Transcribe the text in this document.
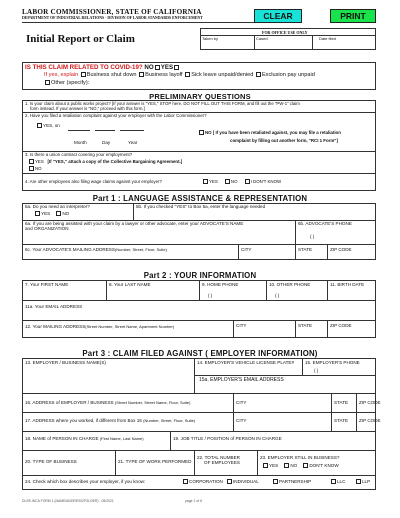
LABOR COMMISSIONER, STATE OF CALIFORNIA
DEPARTMENT OF INDUSTRIAL RELATIONS - DIVISION OF LABOR STANDARDS ENFORCEMENT	CLEAR	PRINT
Initial Report or Claim
FOR OFFICE USE ONLY
Taken by	Cased	Date filed
IS THIS CLAIM RELATED TO COVID-19? NO YES
If yes, explain Business shut down Business layoff Sick leave unpaid/denied Exclusion pay unpaid
Other (specify):
PRELIMINARY QUESTIONS
1. Is your claim about a public works project? [If your answer is "YES," STOP here, DO NOT FILL OUT THIS FORM, and fill out the "PW-1" claim
form instead. If your answer is "NO," proceed with this form.]
2. Have you filed a retaliation complaint against your employer with the Labor Commissioner?
YES, on
Month	Day	Year
NO [ If you have been retaliated against, you may file a retaliation
complaint by filling out another form, "RCI 1 Form"]
3. Is there a union contract covering your employment?
YES [If "YES," attach a copy of the Collective Bargaining Agreement.]
NO
4. Are other employees also filing wage claims against your employer?	YES	NO	I DON'T KNOW
Part 1 : LANGUAGE ASSISTANCE & REPRESENTATION
5a. Do you need an interpreter?
YES	NO
5b. If you checked "YES" to Box 5a, enter the language needed
6a. If you are being assisted with your claim by a lawyer or other advocate, enter your ADVOCATE'S NAME
and ORGANIZATION
6b. ADVOCATE'S PHONE
( )
6c. Your ADVOCATE'S MAILING ADDRESS(Number, Street, Floor, Suite)	CITY	STATE	ZIP CODE
Part 2 : YOUR INFORMATION
7. Your FIRST NAME	8. Your LAST NAME	9. HOME PHONE	10. OTHER PHONE	11. BIRTH DATE
( )	( )
11a. Your EMAIL ADDRESS
12. Your MAILING ADDRESS(Street Number, Street Name, Apartment Number)	CITY	STATE	ZIP CODE
Part 3 : CLAIM FILED AGAINST ( EMPLOYER INFORMATION)
13. EMPLOYER / BUSINESS NAME(S)	14. EMPLOYER'S VEHICLE LICENSE PLATE# 15. EMPLOYER'S PHONE
( )
15a. EMPLOYER'S EMAIL ADDRESS
16. ADDRESS of EMPLOYER / BUSINESS (Street Number, Street Name, Floor, Suite)	CITY	STATE ZIP CODE
17. ADDRESS where you worked, if different from Box 16 (Number, Street, Floor, Suite)	CITY	STATE ZIP CODE
18. NAME of PERSON IN CHARGE (First Name, Last Name)	19. JOB TITLE / POSITION of PERSON IN CHARGE
20. TYPE OF BUSINESS	21. TYPE OF WORK PERFORMED
22. TOTAL NUMBER
OF EMPLOYEES
23. EMPLOYER STILL IN BUSINESS?
YES	NO	DON'T KNOW
24. Check which box describes your employer, if you know:	CORPORATION	INDIVIDUAL	PARTNERSHIP	LLC	LLP
DLSE-WCA FORM 1 (NAME/ADDRESS/FOLDER) - 05/2021	page 1 of 6
